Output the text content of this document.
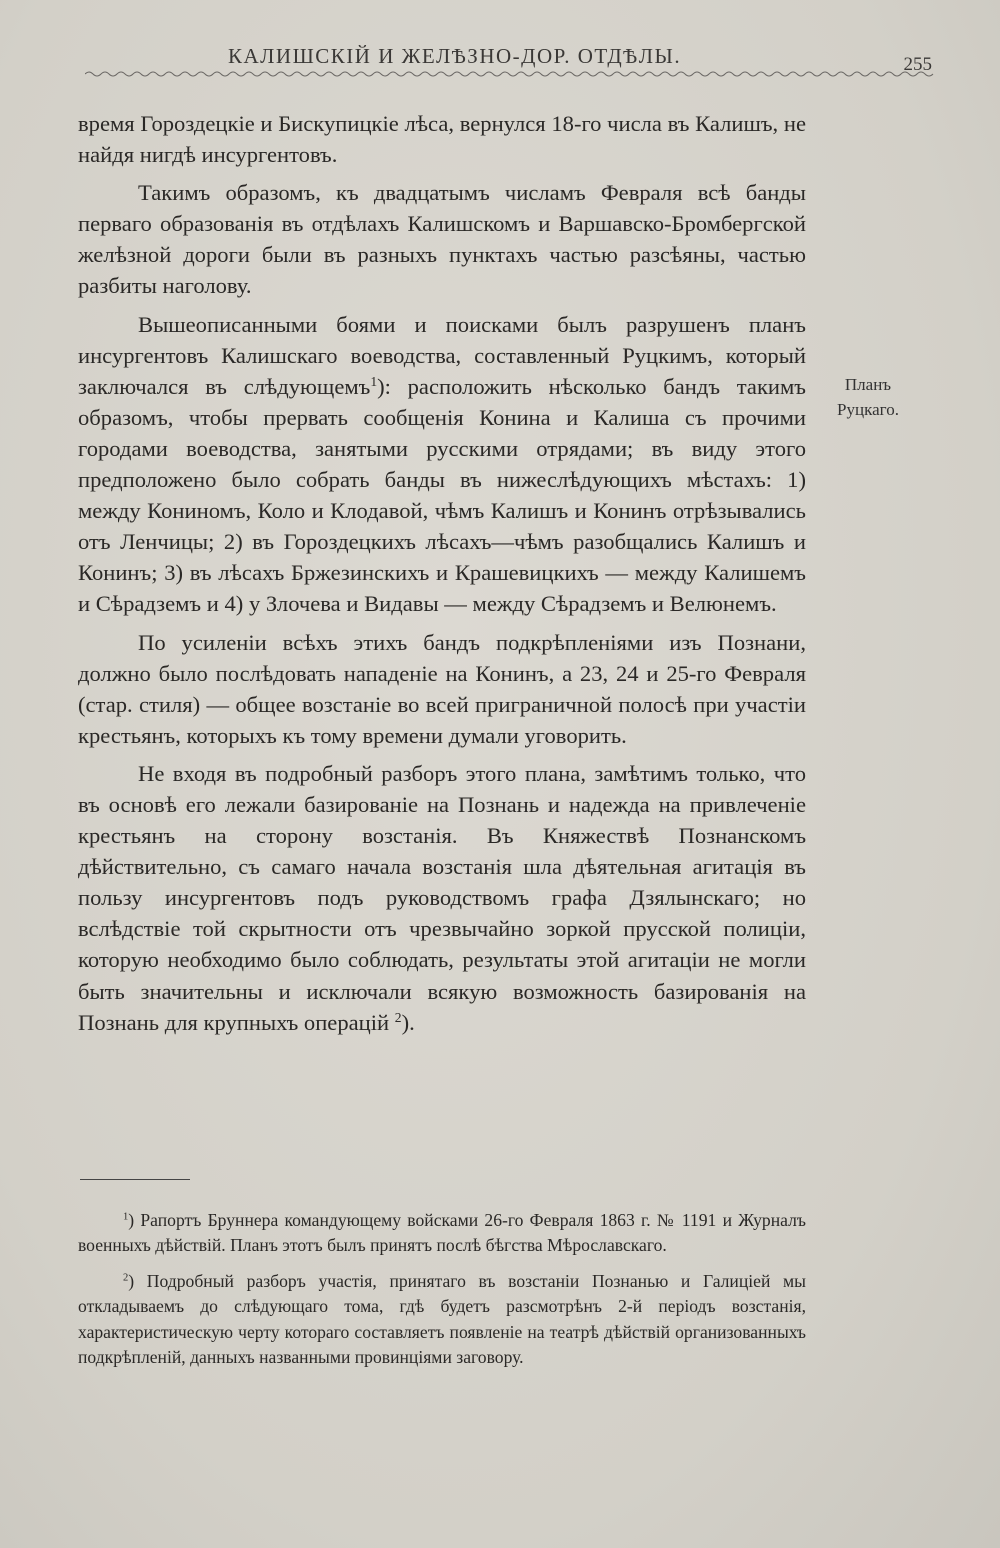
КАЛИШСКІЙ И ЖЕЛѢЗНО-ДОР. ОТДѢЛЫ.	255

время Гороздецкіе и Бискупицкіе лѣса, вернулся 18-го числа въ Калишъ, не найдя нигдѣ инсургентовъ.

Такимъ образомъ, къ двадцатымъ числамъ Февраля всѣ банды перваго образованія въ отдѣлахъ Калишскомъ и Варшавско-Бромбергской желѣзной дороги были въ разныхъ пунктахъ частью разсѣяны, частью разбиты наголову.

Вышеописанными боями и поисками былъ разрушенъ планъ инсургентовъ Калишскаго воеводства, составленный Руцкимъ, который заключался въ слѣдующемъ$^1$): расположить нѣсколько бандъ такимъ образомъ, чтобы прервать сообщенія Конина и Калиша съ прочими городами воеводства, занятыми русскими отрядами; въ виду этого предположено было собрать банды въ нижеслѣдующихъ мѣстахъ: 1) между Кониномъ, Коло и Клодавой, чѣмъ Калишъ и Конинъ отрѣзывались отъ Ленчицы; 2) въ Гороздецкихъ лѣсахъ—чѣмъ разобщались Калишъ и Конинъ; 3) въ лѣсахъ Бржезинскихъ и Крашевицкихъ — между Калишемъ и Сѣрадземъ и 4) у Злочева и Видавы — между Сѣрадземъ и Велюнемъ.

По усиленіи всѣхъ этихъ бандъ подкрѣпленіями изъ Познани, должно было послѣдовать нападеніе на Конинъ, а 23, 24 и 25-го Февраля (стар. стиля) — общее возстаніе во всей приграничной полосѣ при участіи крестьянъ, которыхъ къ тому времени думали уговорить.

Не входя въ подробный разборъ этого плана, замѣтимъ только, что въ основѣ его лежали базированіе на Познань и надежда на привлеченіе крестьянъ на сторону возстанія. Въ Княжествѣ Познанскомъ дѣйствительно, съ самаго начала возстанія шла дѣятельная агитація въ пользу инсургентовъ подъ руководствомъ графа Дзялынскаго; но вслѣдствіе той скрытности отъ чрезвычайно зоркой прусской полиціи, которую необходимо было соблюдать, результаты этой агитаціи не могли быть значительны и исключали всякую возможность базированія на Познань для крупныхъ операцій $^2$).

Планъ Руцкаго.

$^1$) Рапортъ Бруннера командующему войсками 26-го Февраля 1863 г. № 1191 и Журналъ военныхъ дѣйствій. Планъ этотъ былъ принятъ послѣ бѣгства Мѣрославскаго.

$^2$) Подробный разборъ участія, принятаго въ возстаніи Познанью и Галиціей мы откладываемъ до слѣдующаго тома, гдѣ будетъ разсмотрѣнъ 2-й періодъ возстанія, характеристическую черту котораго составляетъ появленіе на театрѣ дѣйствій организованныхъ подкрѣпленій, данныхъ названными провинціями заговору.
